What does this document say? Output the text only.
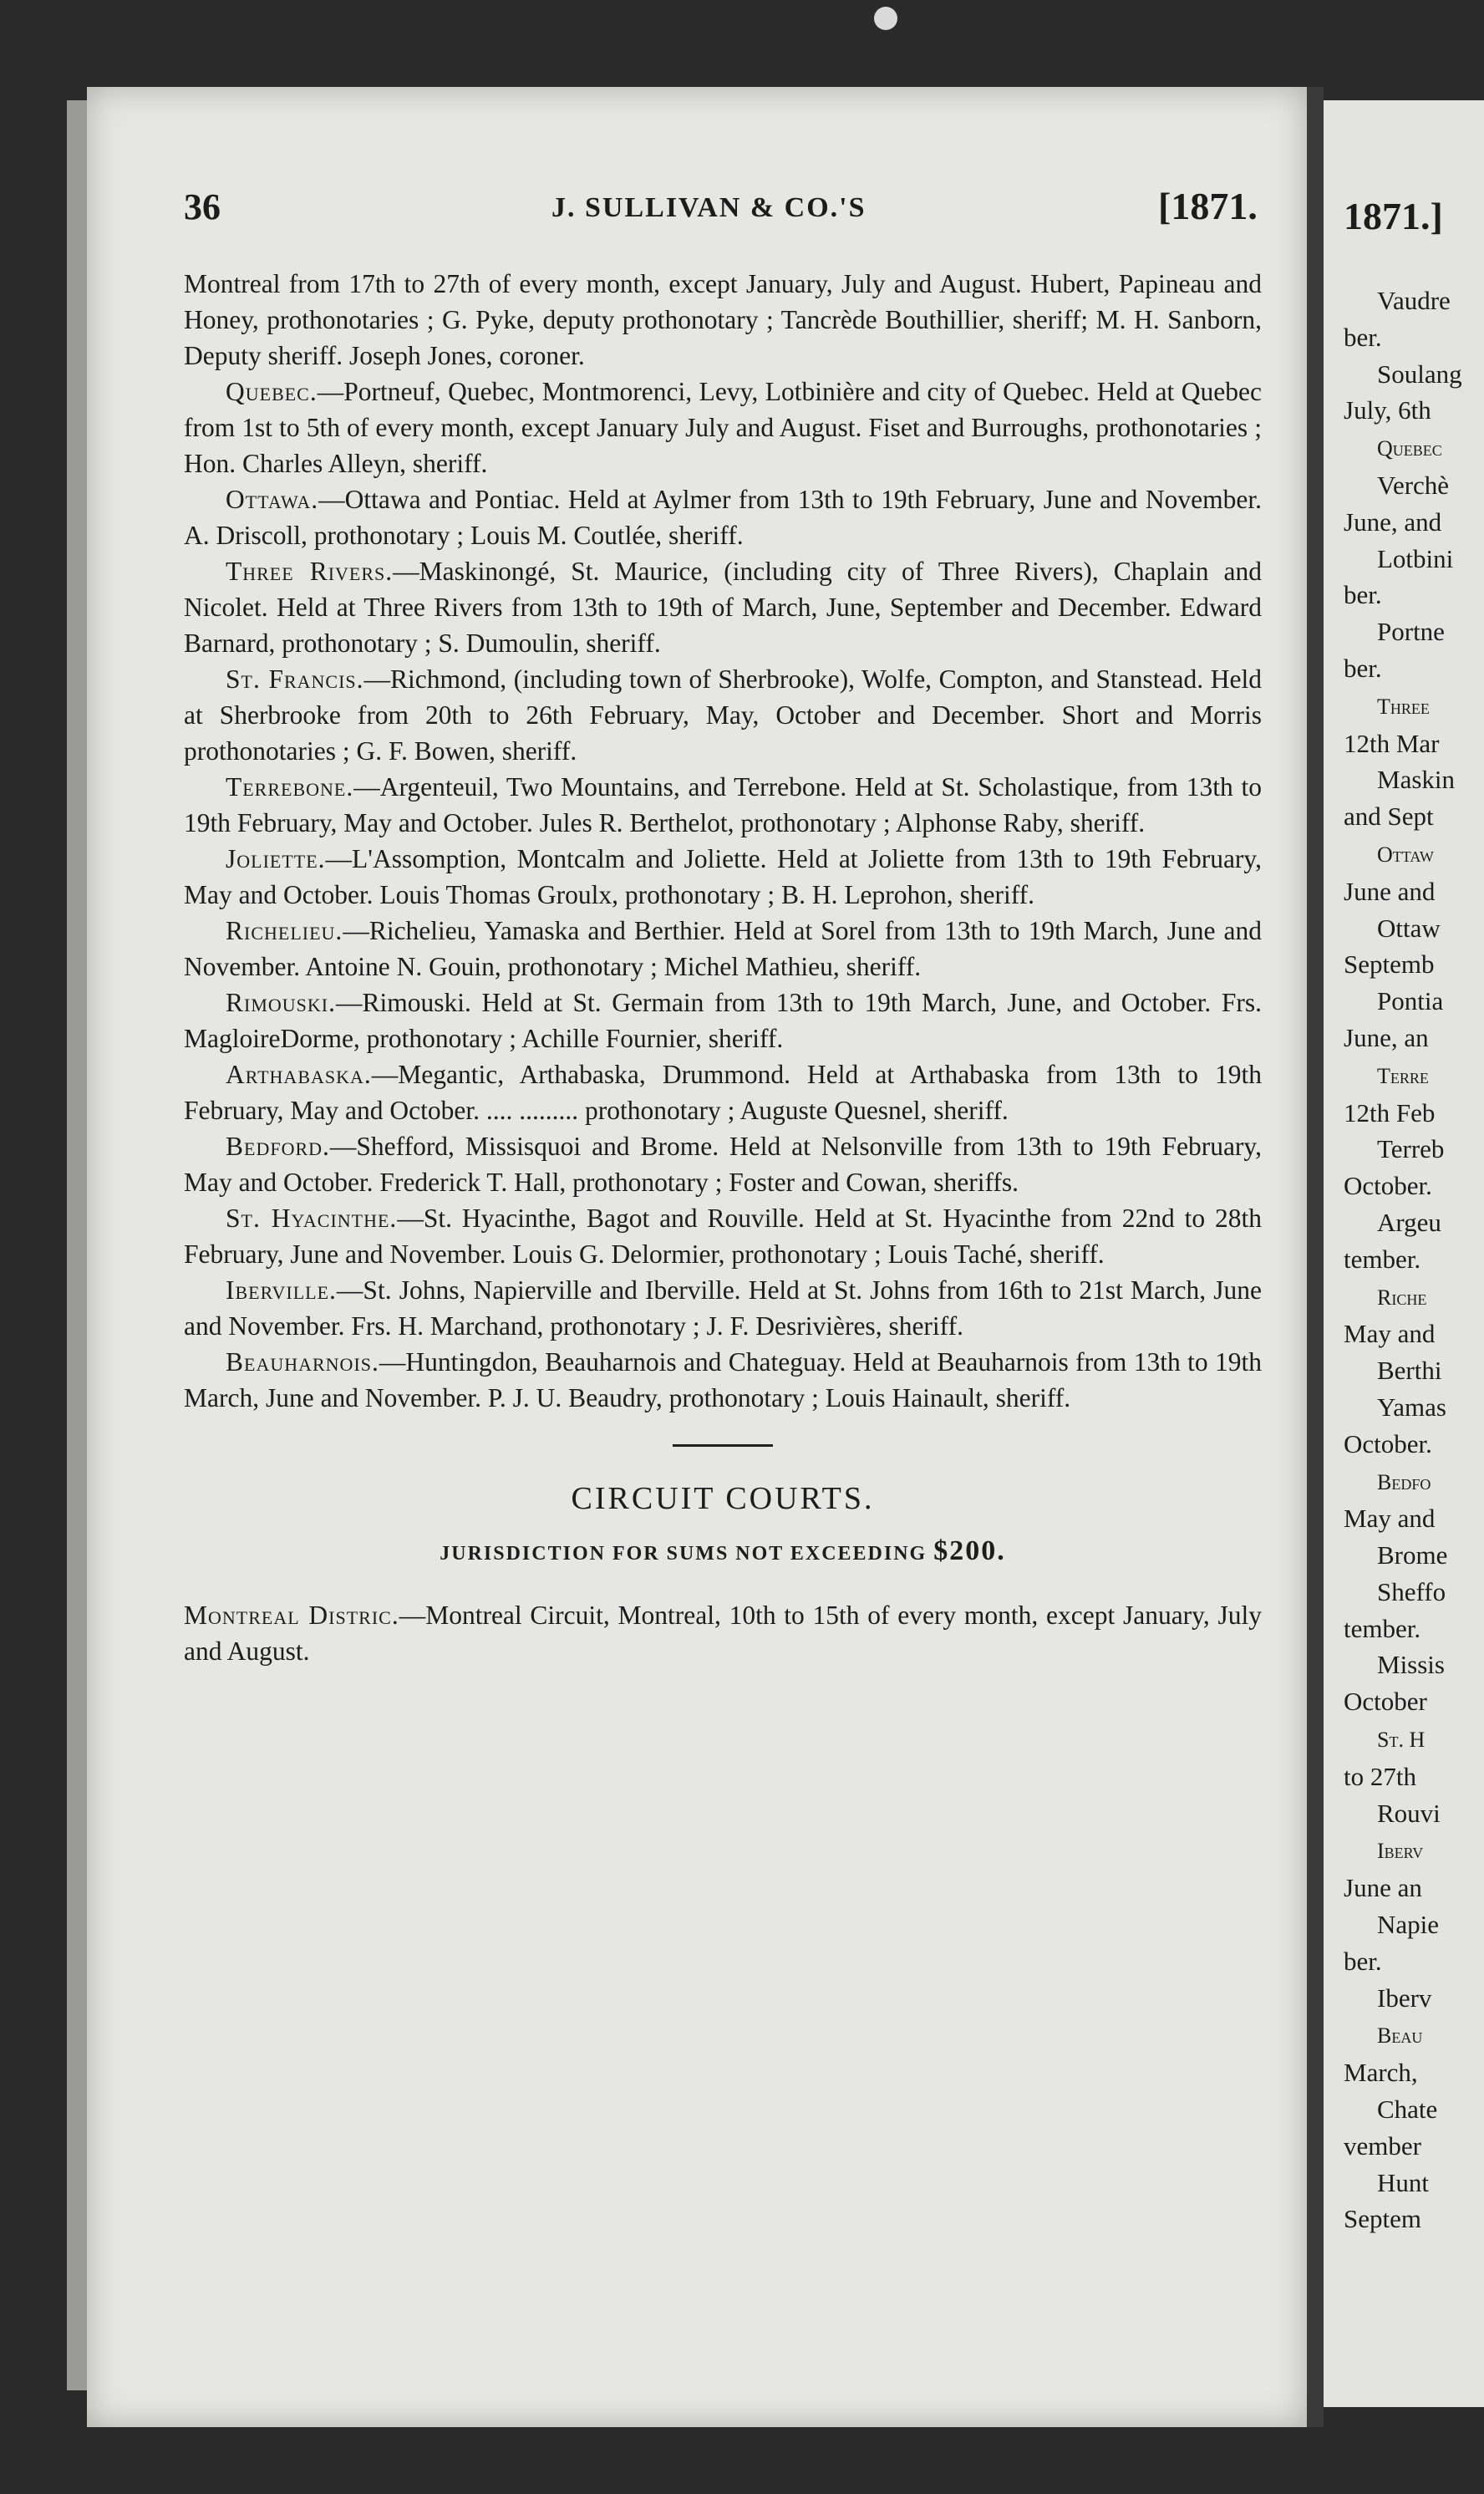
1871.]
Vaudre
ber.
Soulang
July, 6th
Quebec
Verchè
June, and
Lotbini
ber.
Portne
ber.
Three
12th Mar
Maskin
and Sept
Ottaw
June and
Ottaw
Septemb
Pontia
June, an
Terre
12th Feb
Terreb
October.
Argeu
tember.
Riche
May and
Berthi
Yamas
October.
Bedfo
May and
Brome
Sheffo
tember.
Missis
October
St. H
to 27th
Rouvi
Iberv
June an
Napie
ber.
Iberv
Beau
March,
Chate
vember
Hunt
Septem
36	J. SULLIVAN & CO.'S	[1871.

Montreal from 17th to 27th of every month, except January, July and August. Hubert, Papineau and Honey, prothonotaries ; G. Pyke, deputy prothonotary ; Tancrède Bouthillier, sheriff; M. H. Sanborn, Deputy sheriff. Joseph Jones, coroner.

Quebec.—Portneuf, Quebec, Montmorenci, Levy, Lotbinière and city of Quebec. Held at Quebec from 1st to 5th of every month, except January July and August. Fiset and Burroughs, prothonotaries ; Hon. Charles Alleyn, sheriff.

Ottawa.—Ottawa and Pontiac. Held at Aylmer from 13th to 19th February, June and November. A. Driscoll, prothonotary ; Louis M. Coutlée, sheriff.

Three Rivers.—Maskinongé, St. Maurice, (including city of Three Rivers), Chaplain and Nicolet. Held at Three Rivers from 13th to 19th of March, June, September and December. Edward Barnard, prothonotary ; S. Dumoulin, sheriff.

St. Francis.—Richmond, (including town of Sherbrooke), Wolfe, Compton, and Stanstead. Held at Sherbrooke from 20th to 26th February, May, October and December. Short and Morris prothonotaries ; G. F. Bowen, sheriff.

Terrebone.—Argenteuil, Two Mountains, and Terrebone. Held at St. Scholastique, from 13th to 19th February, May and October. Jules R. Berthelot, prothonotary ; Alphonse Raby, sheriff.

Joliette.—L'Assomption, Montcalm and Joliette. Held at Joliette from 13th to 19th February, May and October. Louis Thomas Groulx, prothonotary ; B. H. Leprohon, sheriff.

Richelieu.—Richelieu, Yamaska and Berthier. Held at Sorel from 13th to 19th March, June and November. Antoine N. Gouin, prothonotary ; Michel Mathieu, sheriff.

Rimouski.—Rimouski. Held at St. Germain from 13th to 19th March, June, and October. Frs. MagloireDorme, prothonotary ; Achille Fournier, sheriff.

Arthabaska.—Megantic, Arthabaska, Drummond. Held at Arthabaska from 13th to 19th February, May and October. .... ......... prothonotary ; Auguste Quesnel, sheriff.

Bedford.—Shefford, Missisquoi and Brome. Held at Nelsonville from 13th to 19th February, May and October. Frederick T. Hall, prothonotary ; Foster and Cowan, sheriffs.

St. Hyacinthe.—St. Hyacinthe, Bagot and Rouville. Held at St. Hyacinthe from 22nd to 28th February, June and November. Louis G. Delormier, prothonotary ; Louis Taché, sheriff.

Iberville.—St. Johns, Napierville and Iberville. Held at St. Johns from 16th to 21st March, June and November. Frs. H. Marchand, prothonotary ; J. F. Desrivières, sheriff.

Beauharnois.—Huntingdon, Beauharnois and Chateguay. Held at Beauharnois from 13th to 19th March, June and November. P. J. U. Beaudry, prothonotary ; Louis Hainault, sheriff.

CIRCUIT COURTS.

JURISDICTION FOR SUMS NOT EXCEEDING $200.

Montreal Distric.—Montreal Circuit, Montreal, 10th to 15th of every month, except January, July and August.
